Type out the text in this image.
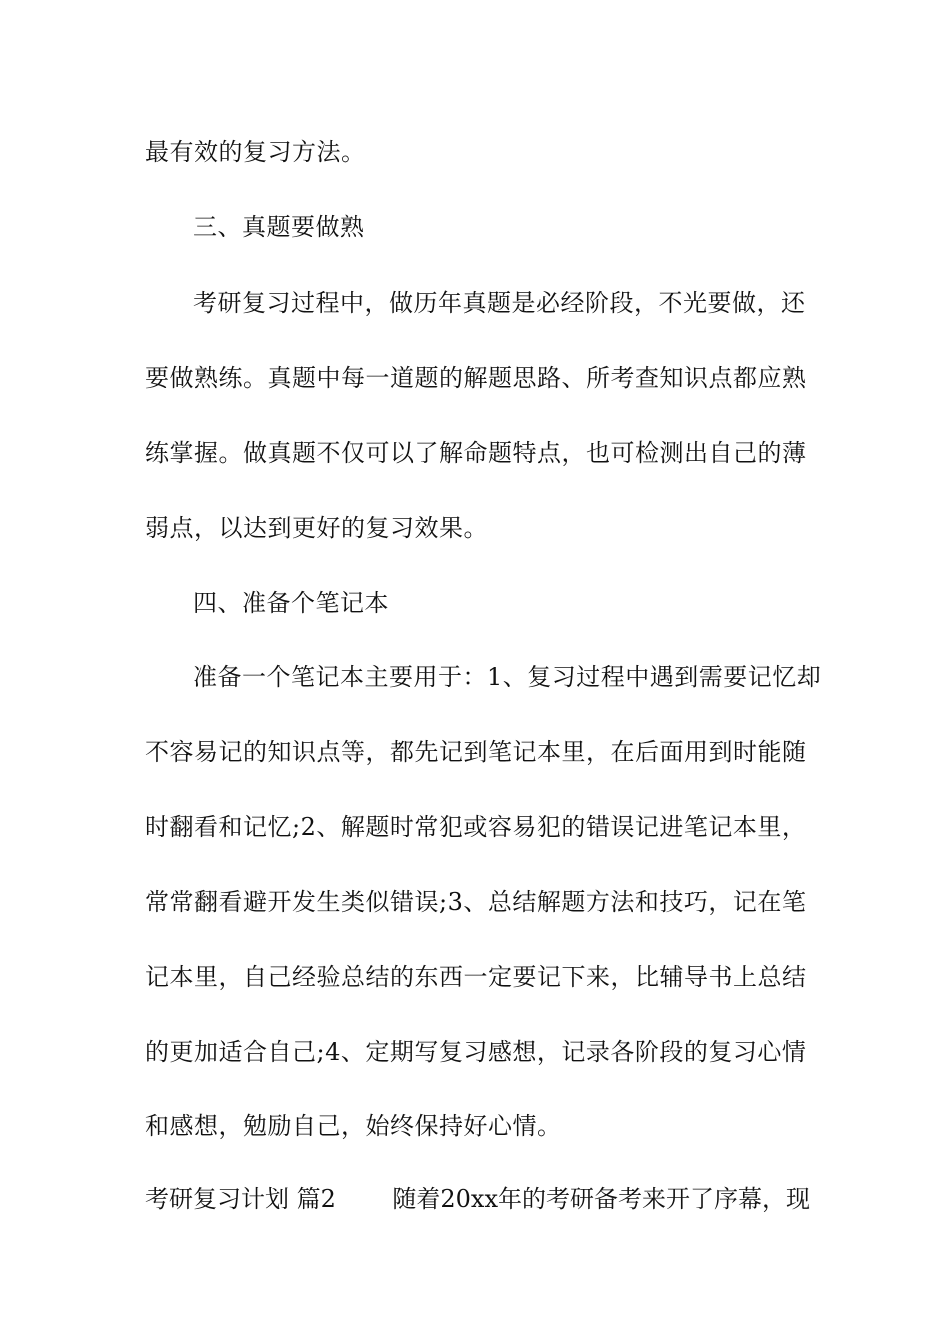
最有效的复习方法。
三、真题要做熟
考研复习过程中，做历年真题是必经阶段，不光要做，还
要做熟练。真题中每一道题的解题思路、所考查知识点都应熟
练掌握。做真题不仅可以了解命题特点，也可检测出自己的薄
弱点，以达到更好的复习效果。
四、准备个笔记本
准备一个笔记本主要用于：1、复习过程中遇到需要记忆却
不容易记的知识点等，都先记到笔记本里，在后面用到时能随
时翻看和记忆;2、解题时常犯或容易犯的错误记进笔记本里，
常常翻看避开发生类似错误;3、总结解题方法和技巧，记在笔
记本里，自己经验总结的东西一定要记下来，比辅导书上总结
的更加适合自己;4、定期写复习感想，记录各阶段的复习心情
和感想，勉励自己，始终保持好心情。
考研复习计划 篇2 随着20xx年的考研备考来开了序幕，现
